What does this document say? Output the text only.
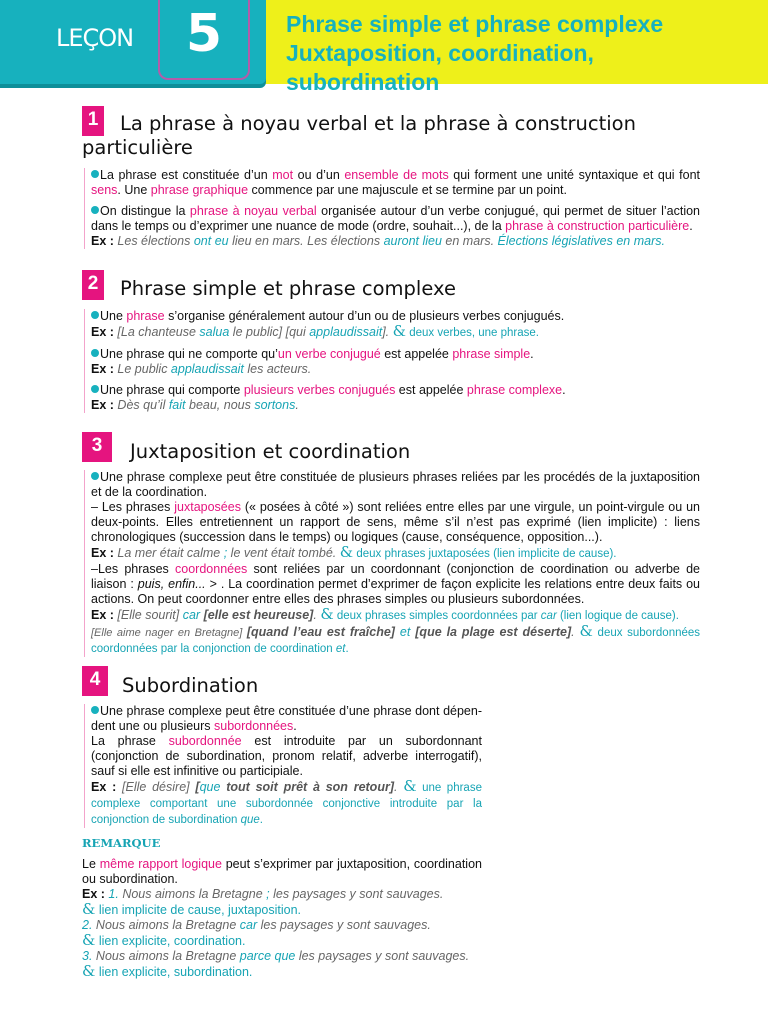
LEÇON	5	Phrase simple et phrase complexe
Juxtaposition, coordination,
subordination
1	La phrase à noyau verbal et la phrase à construction
particulière

La phrase est constituée d’un mot ou d’un ensemble de mots qui forment une unité syntaxique et qui font sens. Une phrase graphique commence par une majuscule et se termine par un point.

On distingue la phrase à noyau verbal organisée autour d’un verbe conjugué, qui permet de situer l’action dans le temps ou d’exprimer une nuance de mode (ordre, souhait...), de la phrase à construction particulière.

Ex : Les élections ont eu lieu en mars. Les élections auront lieu en mars. Élections législatives en mars.

2	Phrase simple et phrase complexe

Une phrase s’organise généralement autour d’un ou de plusieurs verbes conjugués.

Ex : [La chanteuse salua le public] [qui applaudissait]. & deux verbes, une phrase.

Une phrase qui ne comporte qu’un verbe conjugué est appelée phrase simple.

Ex : Le public applaudissait les acteurs.

Une phrase qui comporte plusieurs verbes conjugués est appelée phrase complexe.

Ex : Dès qu’il fait beau, nous sortons.

3	Juxtaposition et coordination

Une phrase complexe peut être constituée de plusieurs phrases reliées par les procédés de la juxtaposition et de la coordination.

– Les phrases juxtaposées (« posées à côté ») sont reliées entre elles par une virgule, un point-virgule ou un deux-points. Elles entretiennent un rapport de sens, même s’il n’est pas exprimé (lien implicite) : liens chronologiques (succession dans le temps) ou logiques (cause, conséquence, opposition...).

Ex : La mer était calme ; le vent était tombé. & deux phrases juxtaposées (lien implicite de cause).

–Les phrases coordonnées sont reliées par un coordonnant (conjonction de coordination ou adverbe de liaison : puis, enfin... > . La coordination permet d’exprimer de façon explicite les relations entre deux faits ou actions. On peut coordonner entre elles des phrases simples ou plusieurs subordonnées.

Ex : [Elle sourit] car [elle est heureuse]. & deux phrases simples coordonnées par car (lien logique de cause).

[Elle aime nager en Bretagne] [quand l’eau est fraîche] et [que la plage est déserte]. & deux subordonnées coordonnées par la conjonction de coordination et.

4	Subordination

Une phrase complexe peut être constituée d’une phrase dont dépen- dent une ou plusieurs subordonnées.

La phrase subordonnée est introduite par un subordonnant (conjonction de subordination, pronom relatif, adverbe interrogatif), sauf si elle est infinitive ou participiale.

Ex : [Elle désire] [que tout soit prêt à son retour]. & une phrase complexe comportant une subordonnée conjonctive introduite par la conjonction de subordination que.

REMARQUE

Le même rapport logique peut s’exprimer par juxtaposition, coordination ou subordination.

Ex : 1. Nous aimons la Bretagne ; les paysages y sont sauvages.

& lien implicite de cause, juxtaposition.

2. Nous aimons la Bretagne car les paysages y sont sauvages.

& lien explicite, coordination.

3. Nous aimons la Bretagne parce que les paysages y sont sauvages.

& lien explicite, subordination.
